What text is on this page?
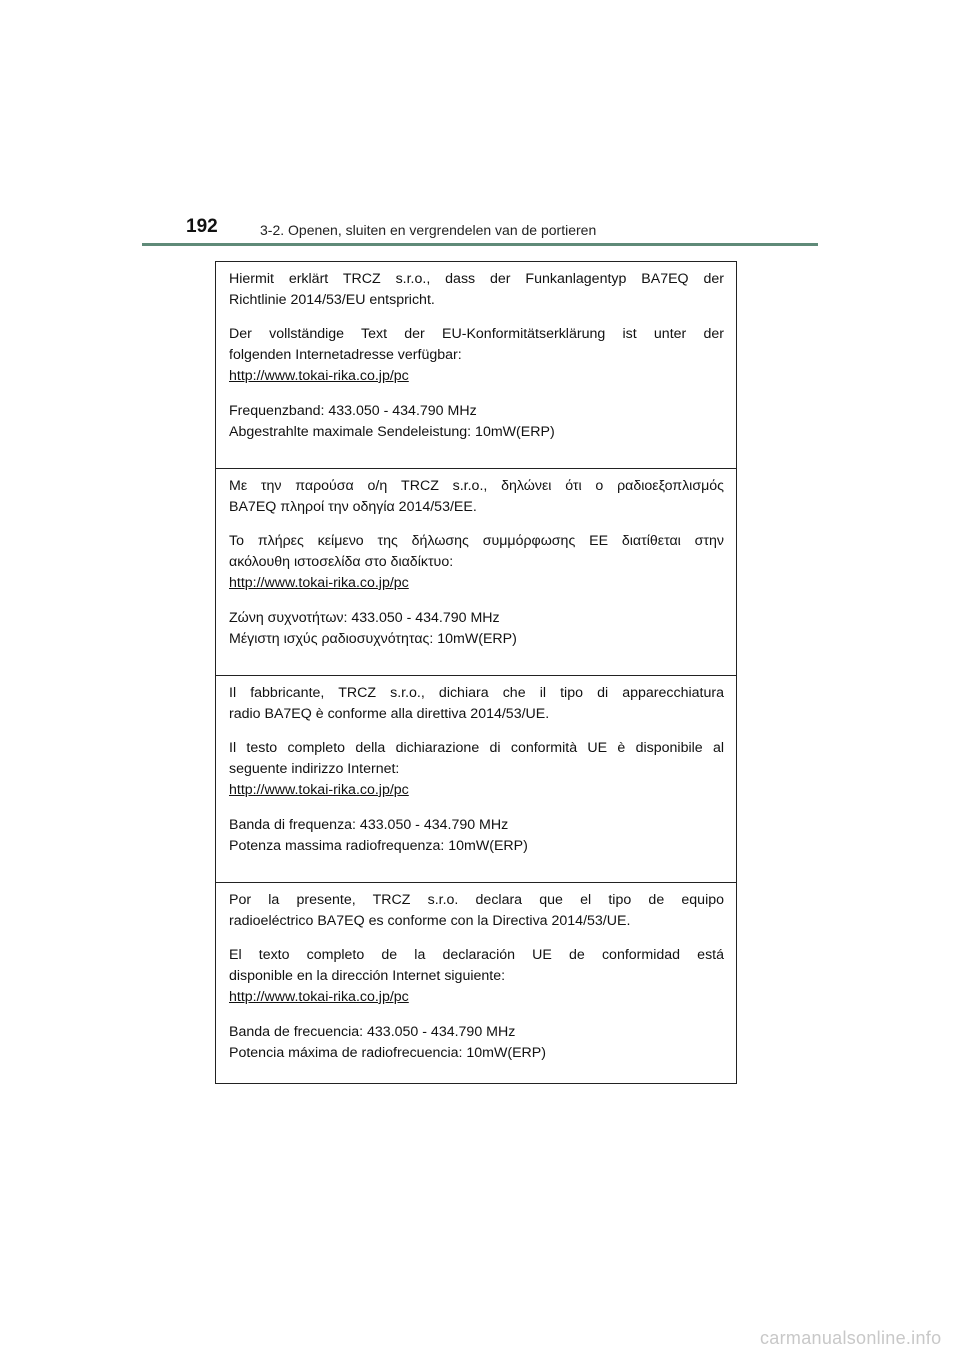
192	3-2. Openen, sluiten en vergrendelen van de portieren
Hiermit erklärt TRCZ s.r.o., dass der Funkanlagentyp BA7EQ der
Richtlinie 2014/53/EU entspricht.
Der vollständige Text der EU-Konformitätserklärung ist unter der
folgenden Internetadresse verfügbar:
http://www.tokai-rika.co.jp/pc
Frequenzband: 433.050 - 434.790 MHz
Abgestrahlte maximale Sendeleistung: 10mW(ERP)
Με την παρούσα ο/η TRCZ s.r.o., δηλώνει ότι ο ραδιοεξοπλισμός
BA7EQ πληροί την οδηγία 2014/53/ΕΕ.
Το πλήρες κείμενο της δήλωσης συμμόρφωσης ΕΕ διατίθεται στην
ακόλουθη ιστοσελίδα στο διαδίκτυο:
http://www.tokai-rika.co.jp/pc
Ζώνη συχνοτήτων: 433.050 - 434.790 MHz
Μέγιστη ισχύς ραδιοσυχνότητας: 10mW(ERP)
Il fabbricante, TRCZ s.r.o., dichiara che il tipo di apparecchiatura
radio BA7EQ è conforme alla direttiva 2014/53/UE.
Il testo completo della dichiarazione di conformità UE è disponibile al
seguente indirizzo Internet:
http://www.tokai-rika.co.jp/pc
Banda di frequenza: 433.050 - 434.790 MHz
Potenza massima radiofrequenza: 10mW(ERP)
Por la presente, TRCZ s.r.o. declara que el tipo de equipo
radioeléctrico BA7EQ es conforme con la Directiva 2014/53/UE.
El texto completo de la declaración UE de conformidad está
disponible en la dirección Internet siguiente:
http://www.tokai-rika.co.jp/pc
Banda de frecuencia: 433.050 - 434.790 MHz
Potencia máxima de radiofrecuencia: 10mW(ERP)
carmanualsonline.info
